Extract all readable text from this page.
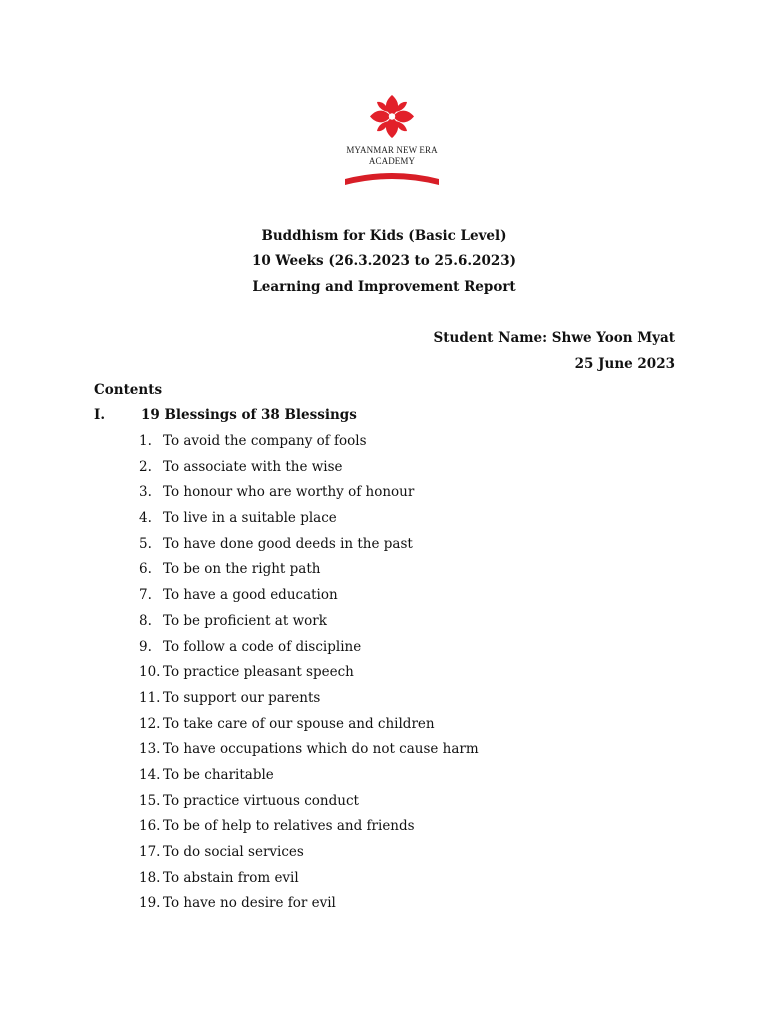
MYANMAR NEW ERA
ACADEMY
Buddhism for Kids (Basic Level)
10 Weeks (26.3.2023 to 25.6.2023)
Learning and Improvement Report
Student Name: Shwe Yoon Myat
25 June 2023
Contents
I.	19 Blessings of 38 Blessings
1. To avoid the company of fools
2. To associate with the wise
3. To honour who are worthy of honour
4. To live in a suitable place
5. To have done good deeds in the past
6. To be on the right path
7. To have a good education
8. To be proficient at work
9. To follow a code of discipline
10. To practice pleasant speech
11. To support our parents
12. To take care of our spouse and children
13. To have occupations which do not cause harm
14. To be charitable
15. To practice virtuous conduct
16. To be of help to relatives and friends
17. To do social services
18. To abstain from evil
19. To have no desire for evil
